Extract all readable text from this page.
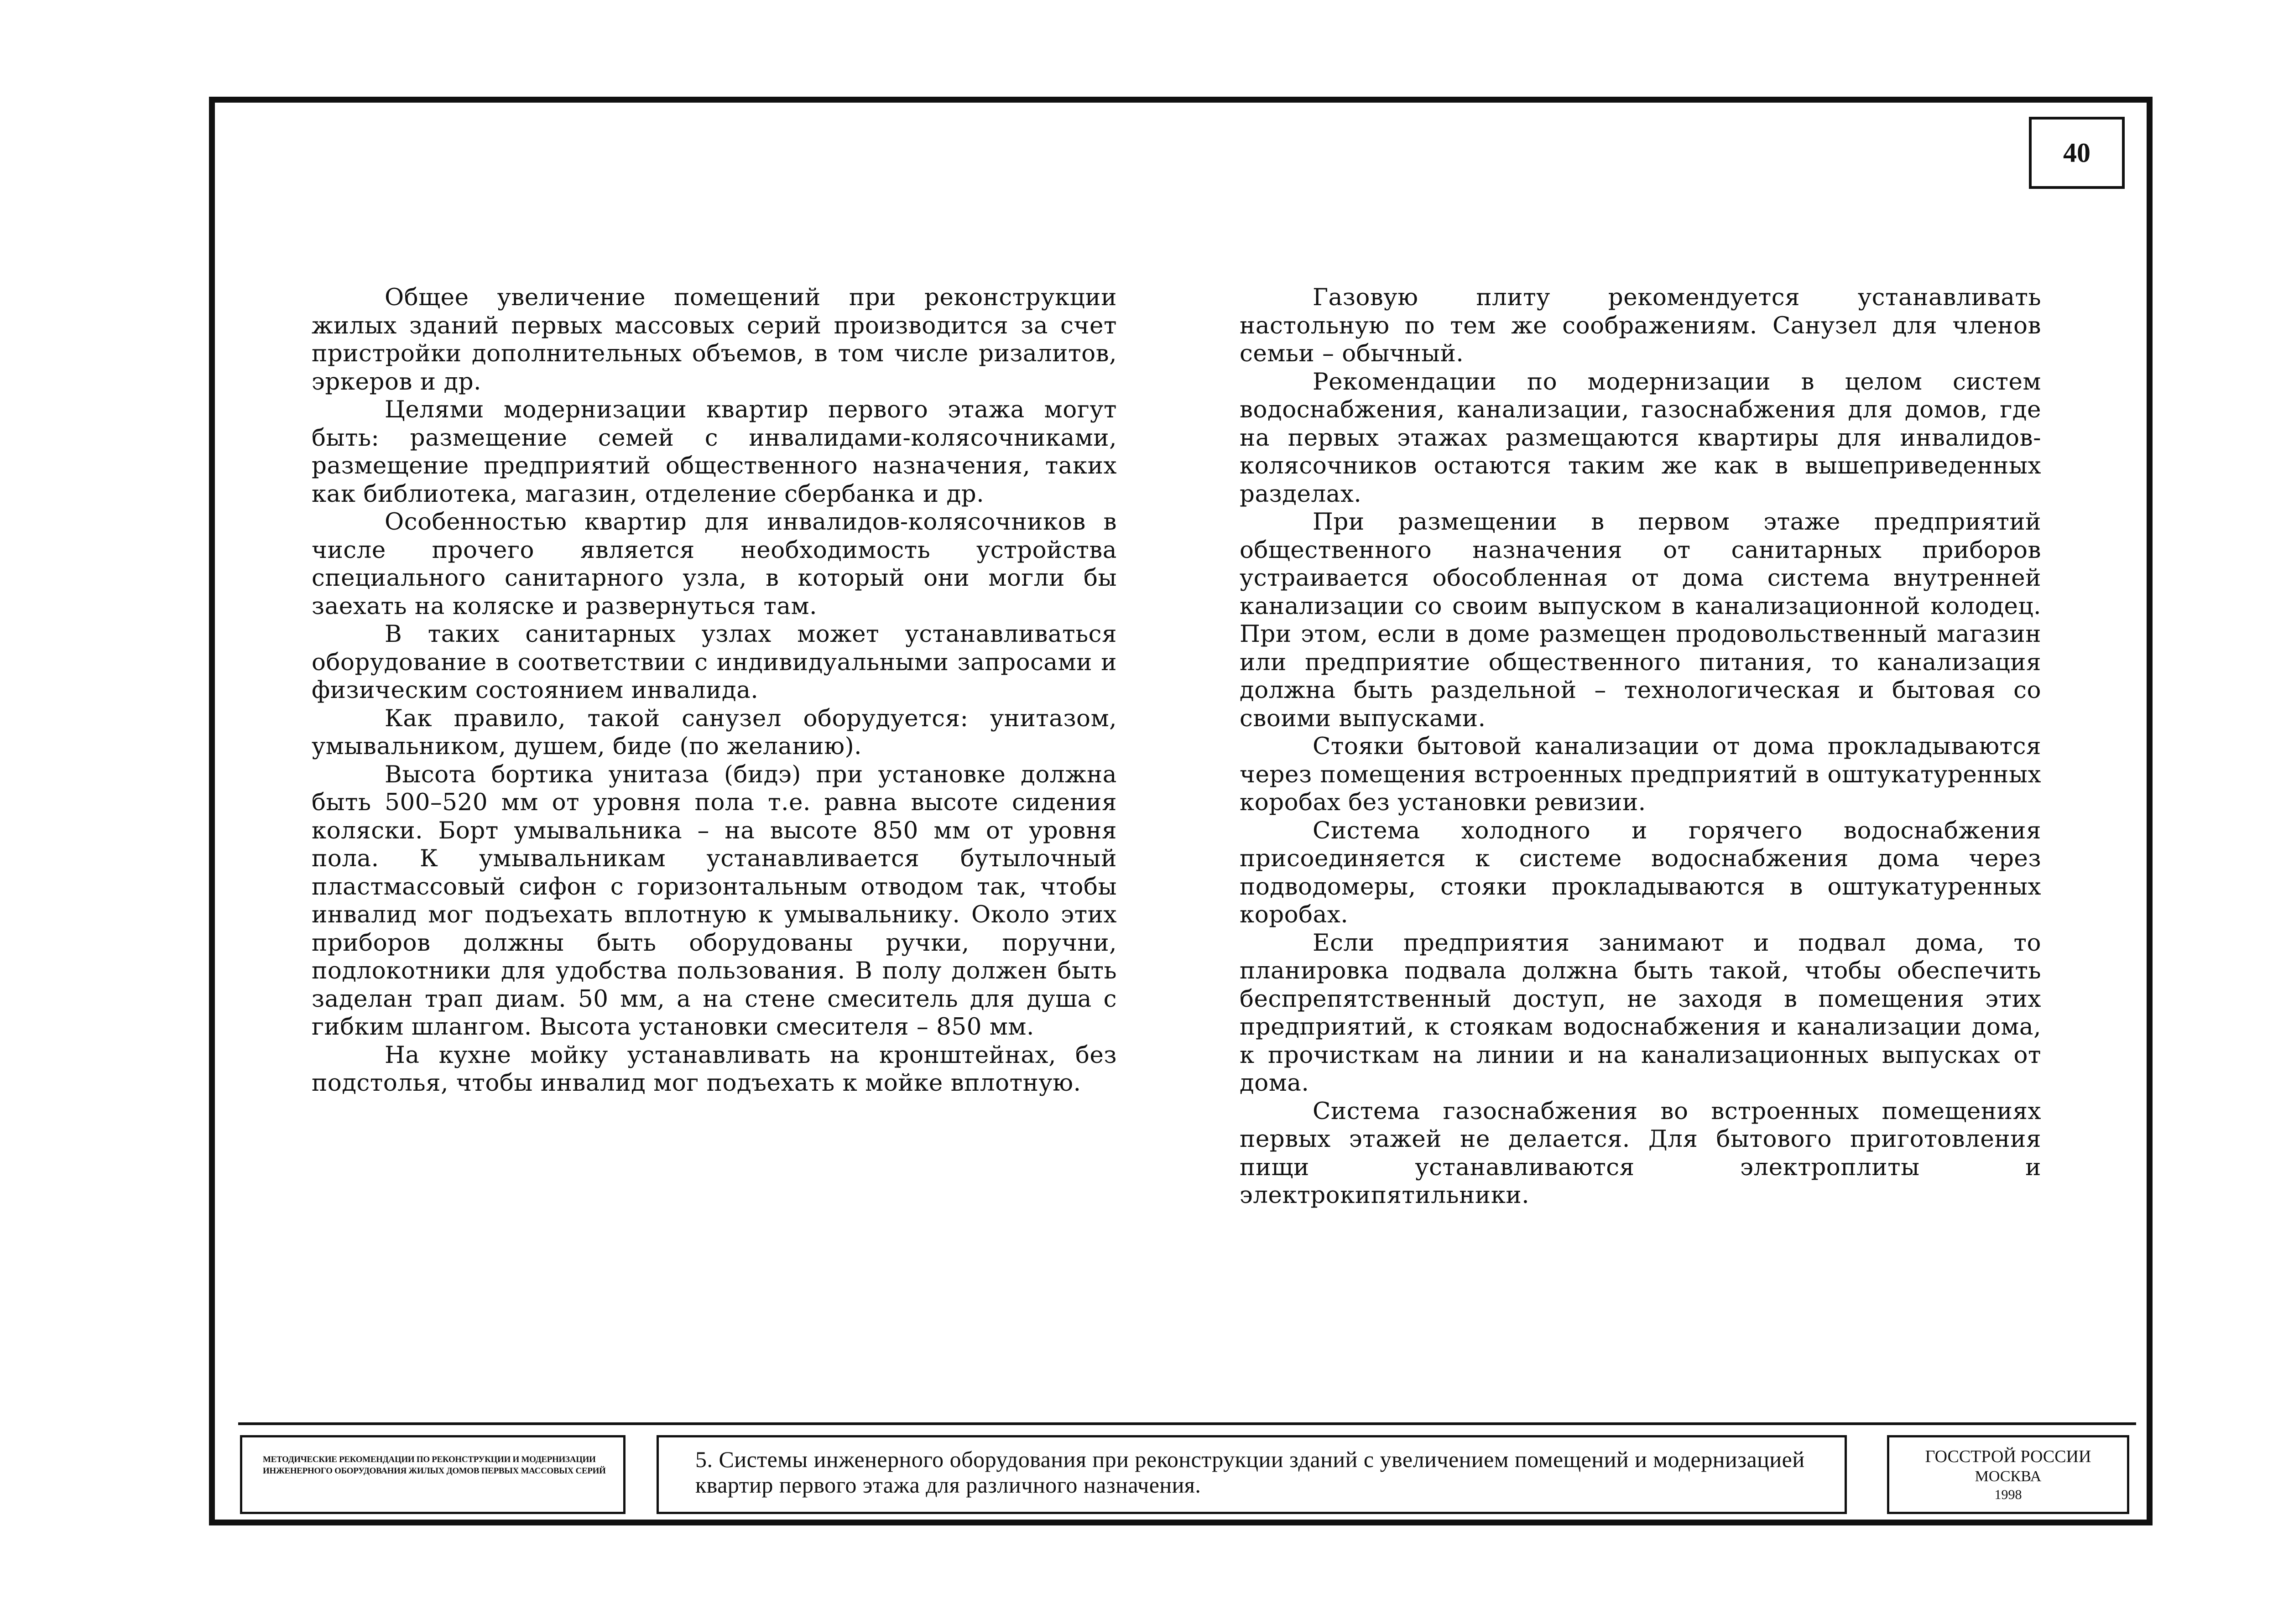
40

Общее увеличение помещений при реконструкции жилых зданий первых массовых серий производится за счет пристройки дополнительных объемов, в том числе ризалитов, эркеров и др.

Целями модернизации квартир первого этажа могут быть: размещение семей с инвалидами-колясочниками, размещение предприятий общественного назначения, таких как библиотека, магазин, отделение сбербанка и др.

Особенностью квартир для инвалидов-колясочников в числе прочего является необходимость устройства специального санитарного узла, в который они могли бы заехать на коляске и развернуться там.

В таких санитарных узлах может устанавливаться оборудование в соответствии с индивидуальными запросами и физическим состоянием инвалида.

Как правило, такой санузел оборудуется: унитазом, умывальником, душем, биде (по желанию).

Высота бортика унитаза (бидэ) при установке должна быть 500–520 мм от уровня пола т.е. равна высоте сидения коляски. Борт умывальника – на высоте 850 мм от уровня пола. К умывальникам устанавливается бутылочный пластмассовый сифон с горизонтальным отводом так, чтобы инвалид мог подъехать вплотную к умывальнику. Около этих приборов должны быть оборудованы ручки, поручни, подлокотники для удобства пользования. В полу должен быть заделан трап диам. 50 мм, а на стене смеситель для душа с гибким шлангом. Высота установки смесителя – 850 мм.

На кухне мойку устанавливать на кронштейнах, без подстолья, чтобы инвалид мог подъехать к мойке вплотную.

Газовую плиту рекомендуется устанавливать настольную по тем же соображениям. Санузел для членов семьи – обычный.

Рекомендации по модернизации в целом систем водоснабжения, канализации, газоснабжения для домов, где на первых этажах размещаются квартиры для инвалидов-колясочников остаются таким же как в вышеприведенных разделах.

При размещении в первом этаже предприятий общественного назначения от санитарных приборов устраивается обособленная от дома система внутренней канализации со своим выпуском в канализационной колодец. При этом, если в доме размещен продовольственный магазин или предприятие общественного питания, то канализация должна быть раздельной – технологическая и бытовая со своими выпусками.

Стояки бытовой канализации от дома прокладываются через помещения встроенных предприятий в оштукатуренных коробах без установки ревизии.

Система холодного и горячего водоснабжения присоединяется к системе водоснабжения дома через подводомеры, стояки прокладываются в оштукатуренных коробах.

Если предприятия занимают и подвал дома, то планировка подвала должна быть такой, чтобы обеспечить беспрепятственный доступ, не заходя в помещения этих предприятий, к стоякам водоснабжения и канализации дома, к прочисткам на линии и на канализационных выпусках от дома.

Система газоснабжения во встроенных помещениях первых этажей не делается. Для бытового приготовления пищи устанавливаются электроплиты и электрокипятильники.

МЕТОДИЧЕСКИЕ РЕКОМЕНДАЦИИ ПО РЕКОНСТРУКЦИИ И МОДЕРНИЗАЦИИ ИНЖЕНЕРНОГО ОБОРУДОВАНИЯ ЖИЛЫХ ДОМОВ ПЕРВЫХ МАССОВЫХ СЕРИЙ	5. Системы инженерного оборудования при реконструкции зданий с увеличением помещений и модернизацией квартир первого этажа для различного назначения.
ГОССТРОЙ РОССИИ
МОСКВА
1998
